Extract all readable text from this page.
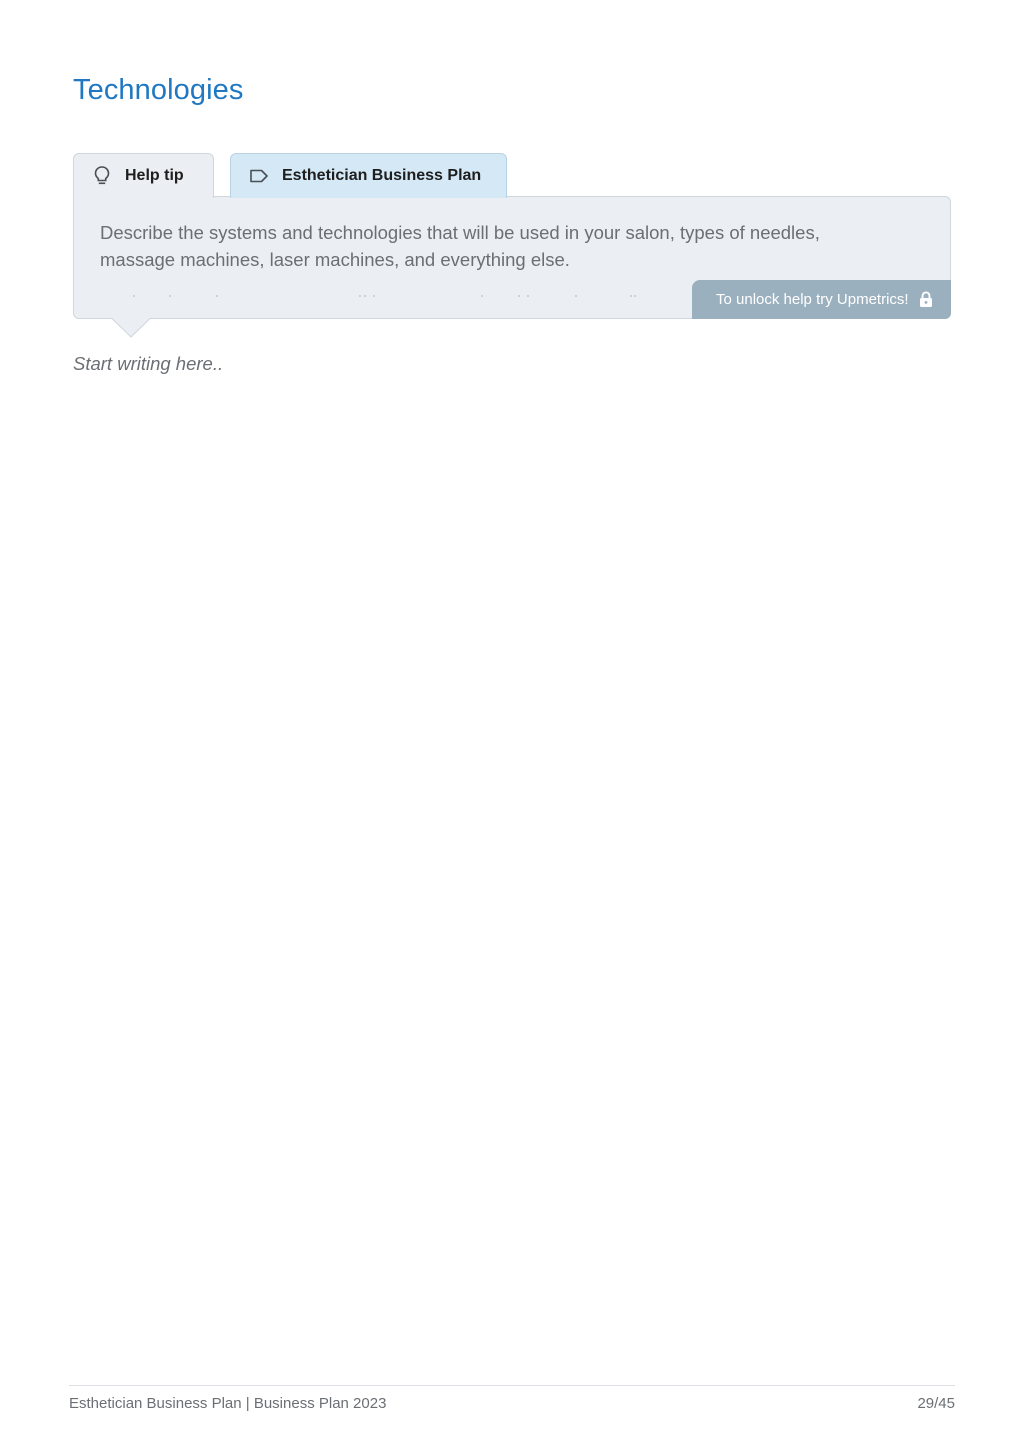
Technologies
Help tip	Esthetician Business Plan

Describe the systems and technologies that will be used in your salon, types of needles, massage machines, laser machines, and everything else.

To unlock help try Upmetrics!
Start writing here..
Esthetician Business Plan | Business Plan 2023	29/45
